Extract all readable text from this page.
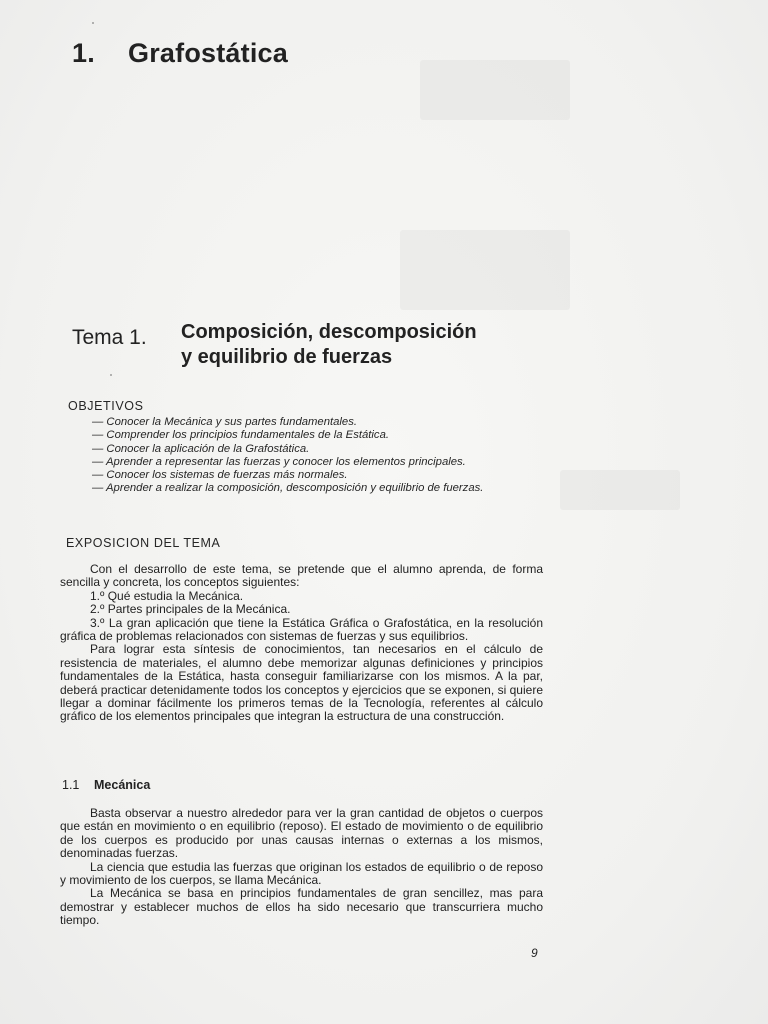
1. Grafostática
Tema 1. Composición, descomposición
y equilibrio de fuerzas
OBJETIVOS
— Conocer la Mecánica y sus partes fundamentales.
— Comprender los principios fundamentales de la Estática.
— Conocer la aplicación de la Grafostática.
— Aprender a representar las fuerzas y conocer los elementos principales.
— Conocer los sistemas de fuerzas más normales.
— Aprender a realizar la composición, descomposición y equilibrio de fuerzas.
EXPOSICION DEL TEMA

Con el desarrollo de este tema, se pretende que el alumno aprenda, de forma sencilla y concreta, los conceptos siguientes:

1.º Qué estudia la Mecánica.

2.º Partes principales de la Mecánica.

3.º La gran aplicación que tiene la Estática Gráfica o Grafostática, en la resolución gráfica de problemas relacionados con sistemas de fuerzas y sus equilibrios.

Para lograr esta síntesis de conocimientos, tan necesarios en el cálculo de resistencia de materiales, el alumno debe memorizar algunas definiciones y principios fundamentales de la Estática, hasta conseguir familiarizarse con los mismos. A la par, deberá practicar detenidamente todos los conceptos y ejercicios que se exponen, si quiere llegar a dominar fácilmente los primeros temas de la Tecnología, referentes al cálculo gráfico de los elementos principales que integran la estructura de una construcción.

1.1 Mecánica

Basta observar a nuestro alrededor para ver la gran cantidad de objetos o cuerpos que están en movimiento o en equilibrio (reposo). El estado de movimiento o de equilibrio de los cuerpos es producido por unas causas internas o externas a los mismos, denominadas fuerzas.

La ciencia que estudia las fuerzas que originan los estados de equilibrio o de reposo y movimiento de los cuerpos, se llama Mecánica.

La Mecánica se basa en principios fundamentales de gran sencillez, mas para demostrar y establecer muchos de ellos ha sido necesario que transcurriera mucho tiempo.

9
